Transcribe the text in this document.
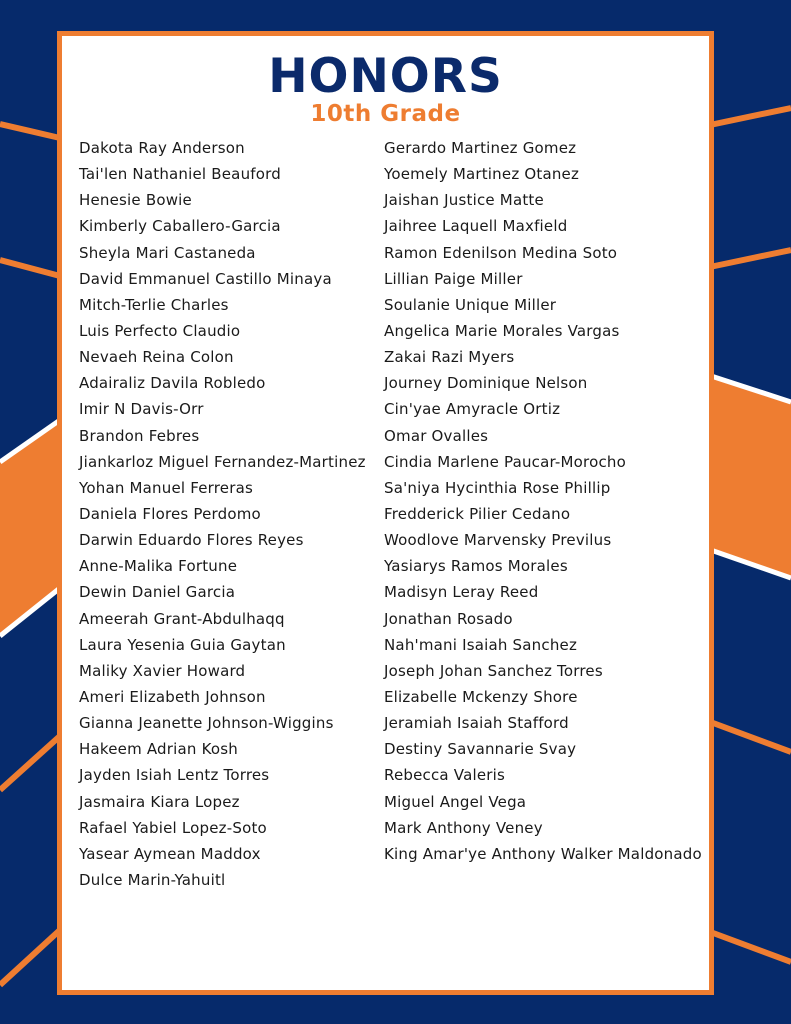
HONORS
10th Grade
Dakota Ray Anderson
Tai'len Nathaniel Beauford
Henesie Bowie
Kimberly Caballero-Garcia
Sheyla Mari Castaneda
David Emmanuel Castillo Minaya
Mitch-Terlie Charles
Luis Perfecto Claudio
Nevaeh Reina Colon
Adairaliz Davila Robledo
Imir N Davis-Orr
Brandon Febres
Jiankarloz Miguel Fernandez-Martinez
Yohan Manuel Ferreras
Daniela Flores Perdomo
Darwin Eduardo Flores Reyes
Anne-Malika Fortune
Dewin Daniel Garcia
Ameerah Grant-Abdulhaqq
Laura Yesenia Guia Gaytan
Maliky Xavier Howard
Ameri Elizabeth Johnson
Gianna Jeanette Johnson-Wiggins
Hakeem Adrian Kosh
Jayden Isiah Lentz Torres
Jasmaira Kiara Lopez
Rafael Yabiel Lopez-Soto
Yasear Aymean Maddox
Dulce Marin-Yahuitl
Gerardo Martinez Gomez
Yoemely Martinez Otanez
Jaishan Justice Matte
Jaihree Laquell Maxfield
Ramon Edenilson Medina Soto
Lillian Paige Miller
Soulanie Unique Miller
Angelica Marie Morales Vargas
Zakai Razi Myers
Journey Dominique Nelson
Cin'yae Amyracle Ortiz
Omar Ovalles
Cindia Marlene Paucar-Morocho
Sa'niya Hycinthia Rose Phillip
Fredderick Pilier Cedano
Woodlove Marvensky Previlus
Yasiarys Ramos Morales
Madisyn Leray Reed
Jonathan Rosado
Nah'mani Isaiah Sanchez
Joseph Johan Sanchez Torres
Elizabelle Mckenzy Shore
Jeramiah Isaiah Stafford
Destiny Savannarie Svay
Rebecca Valeris
Miguel Angel Vega
Mark Anthony Veney
King Amar'ye Anthony Walker Maldonado
